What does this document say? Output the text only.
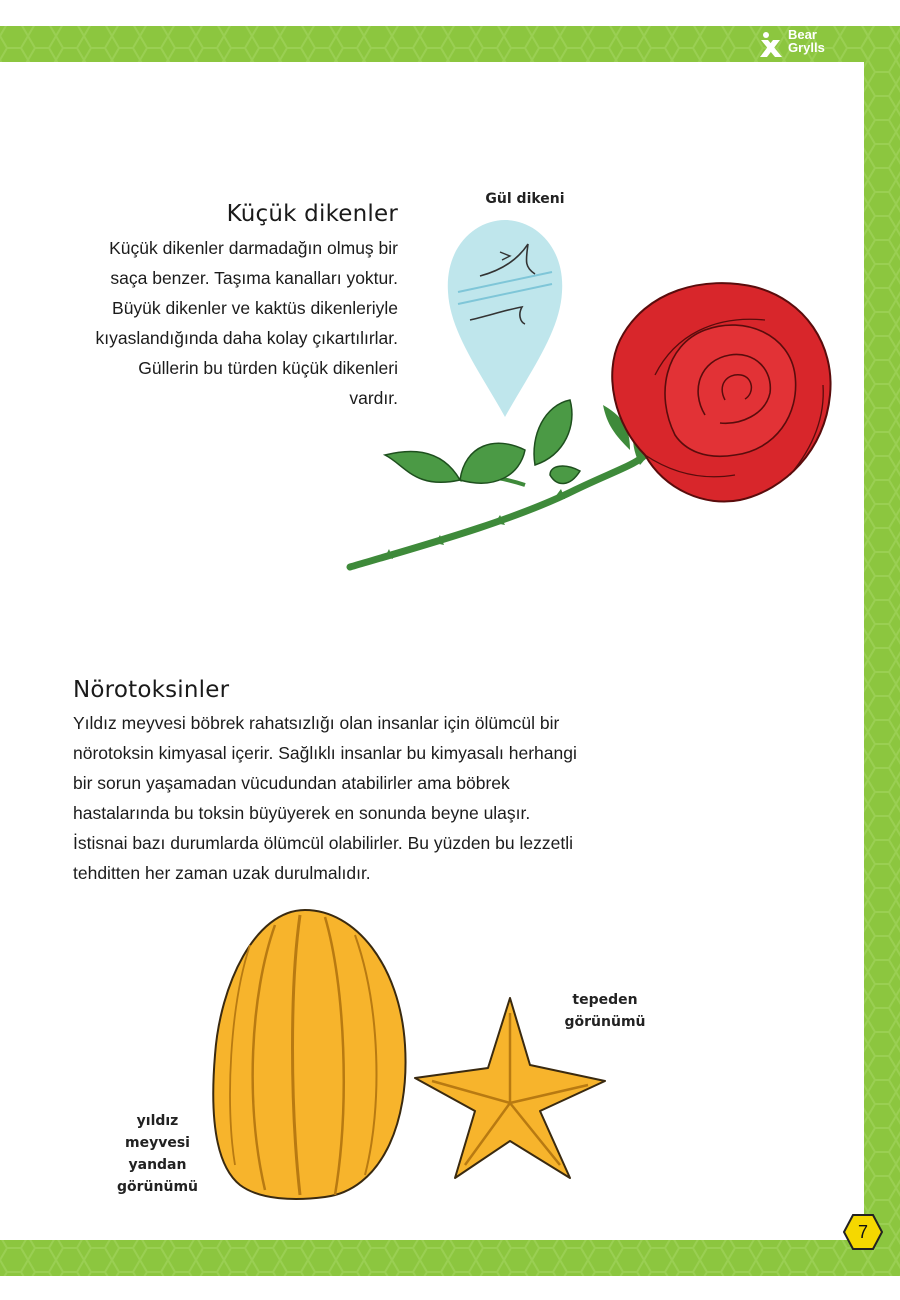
Bear
Grylls
Küçük dikenler
Küçük dikenler darmadağın olmuş bir
saça benzer. Taşıma kanalları yoktur.
Büyük dikenler ve kaktüs dikenleriyle
kıyaslandığında daha kolay çıkartılırlar.
Güllerin bu türden küçük dikenleri
vardır.
Gül dikeni
Nörotoksinler
Yıldız meyvesi böbrek rahatsızlığı olan insanlar için ölümcül bir
nörotoksin kimyasal içerir. Sağlıklı insanlar bu kimyasalı herhangi
bir sorun yaşamadan vücudundan atabilirler ama böbrek
hastalarında bu toksin büyüyerek en sonunda beyne ulaşır.
İstisnai bazı durumlarda ölümcül olabilirler. Bu yüzden bu lezzetli
tehditten her zaman uzak durulmalıdır.
tepeden
görünümü
yıldız
meyvesi
yandan
görünümü
7
